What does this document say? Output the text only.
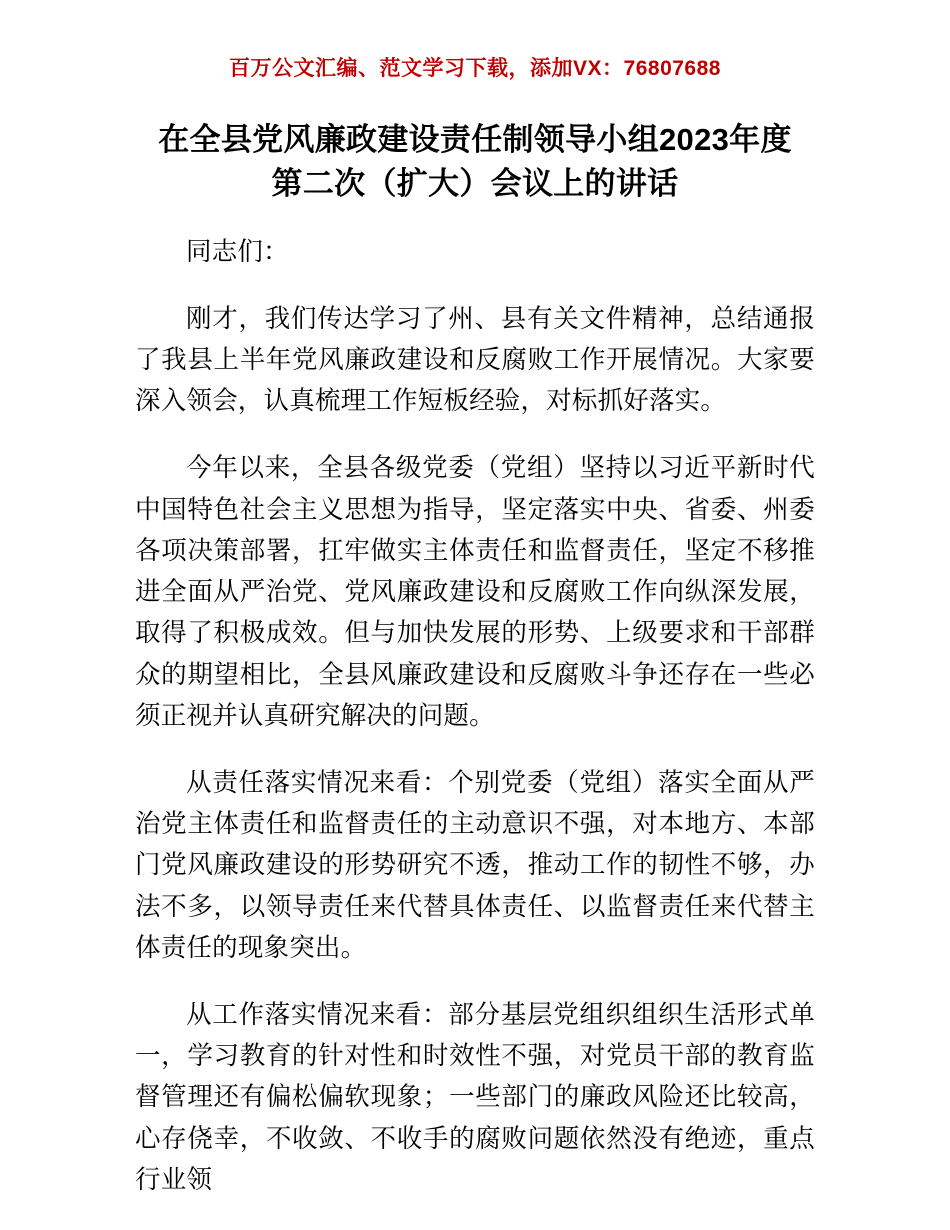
百万公文汇编、范文学习下载，添加VX：76807688
在全县党风廉政建设责任制领导小组2023年度
第二次（扩大）会议上的讲话

同志们：

刚才，我们传达学习了州、县有关文件精神，总结通报了我县上半年党风廉政建设和反腐败工作开展情况。大家要深入领会，认真梳理工作短板经验，对标抓好落实。

今年以来，全县各级党委（党组）坚持以习近平新时代中国特色社会主义思想为指导，坚定落实中央、省委、州委各项决策部署，扛牢做实主体责任和监督责任，坚定不移推进全面从严治党、党风廉政建设和反腐败工作向纵深发展，取得了积极成效。但与加快发展的形势、上级要求和干部群众的期望相比，全县风廉政建设和反腐败斗争还存在一些必须正视并认真研究解决的问题。

从责任落实情况来看：个别党委（党组）落实全面从严治党主体责任和监督责任的主动意识不强，对本地方、本部门党风廉政建设的形势研究不透，推动工作的韧性不够，办法不多，以领导责任来代替具体责任、以监督责任来代替主体责任的现象突出。

从工作落实情况来看：部分基层党组织组织生活形式单一，学习教育的针对性和时效性不强，对党员干部的教育监督管理还有偏松偏软现象；一些部门的廉政风险还比较高，心存侥幸，不收敛、不收手的腐败问题依然没有绝迹，重点行业领
